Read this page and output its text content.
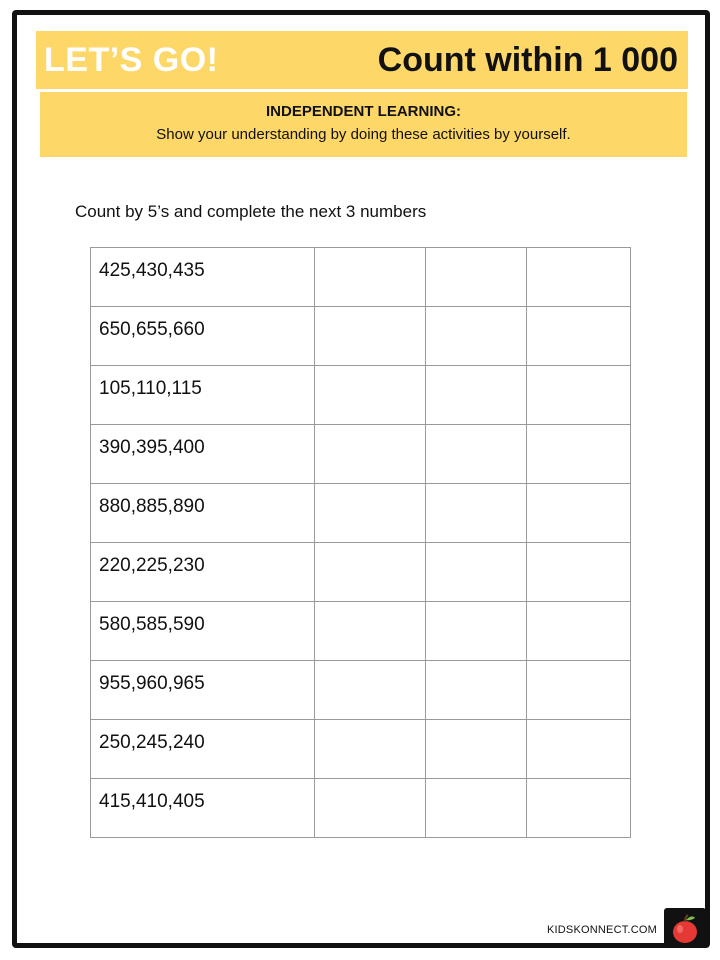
LET’S GO!	Count within 1 000
INDEPENDENT LEARNING:
Show your understanding by doing these activities by yourself.
Count by 5’s and complete the next 3 numbers
425,430,435			
650,655,660			
105,110,115			
390,395,400			
880,885,890			
220,225,230			
580,585,590			
955,960,965			
250,245,240			
415,410,405			
KIDSKONNECT.COM
